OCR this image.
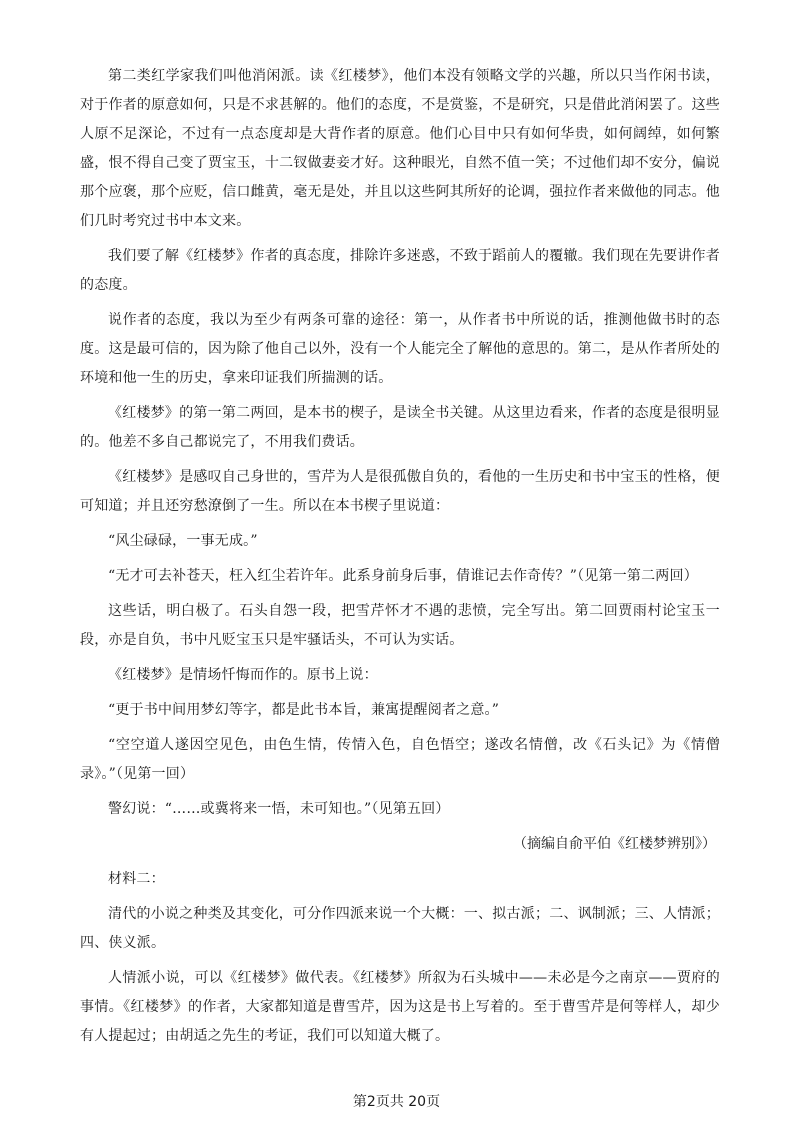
第二类红学家我们叫他消闲派。读《红楼梦》，他们本没有领略文学的兴趣，所以只当作闲书读，对于作者的原意如何，只是不求甚解的。他们的态度，不是赏鉴，不是研究，只是借此消闲罢了。这些人原不足深论，不过有一点态度却是大背作者的原意。他们心目中只有如何华贵，如何阔绰，如何繁盛，恨不得自己变了贾宝玉，十二钗做妻妾才好。这种眼光，自然不值一笑；不过他们却不安分，偏说那个应褒，那个应贬，信口雌黄，毫无是处，并且以这些阿其所好的论调，强拉作者来做他的同志。他们几时考究过书中本文来。

我们要了解《红楼梦》作者的真态度，排除许多迷惑，不致于蹈前人的覆辙。我们现在先要讲作者的态度。

说作者的态度，我以为至少有两条可靠的途径：第一，从作者书中所说的话，推测他做书时的态度。这是最可信的，因为除了他自己以外，没有一个人能完全了解他的意思的。第二，是从作者所处的环境和他一生的历史，拿来印证我们所揣测的话。

《红楼梦》的第一第二两回，是本书的楔子，是读全书关键。从这里边看来，作者的态度是很明显的。他差不多自己都说完了，不用我们费话。

《红楼梦》是感叹自己身世的，雪芹为人是很孤傲自负的，看他的一生历史和书中宝玉的性格，便可知道；并且还穷愁潦倒了一生。所以在本书楔子里说道：

“风尘碌碌，一事无成。”

“无才可去补苍天，枉入红尘若许年。此系身前身后事，倩谁记去作奇传？”（见第一第二两回）

这些话，明白极了。石头自怨一段，把雪芹怀才不遇的悲愤，完全写出。第二回贾雨村论宝玉一段，亦是自负，书中凡贬宝玉只是牢骚话头，不可认为实话。

《红楼梦》是情场忏悔而作的。原书上说：

“更于书中间用梦幻等字，都是此书本旨，兼寓提醒阅者之意。”

“空空道人遂因空见色，由色生情，传情入色，自色悟空；遂改名情僧，改《石头记》为《情僧录》。”（见第一回）

警幻说：“……或冀将来一悟，未可知也。”（见第五回）

（摘编自俞平伯《红楼梦辨别》）

材料二：

清代的小说之种类及其变化，可分作四派来说一个大概：一、拟古派；二、讽制派；三、人情派；四、侠义派。

人情派小说，可以《红楼梦》做代表。《红楼梦》所叙为石头城中——未必是今之南京——贾府的事情。《红楼梦》的作者，大家都知道是曹雪芹，因为这是书上写着的。至于曹雪芹是何等样人，却少有人提起过；由胡适之先生的考证，我们可以知道大概了。

第2页共 20页
